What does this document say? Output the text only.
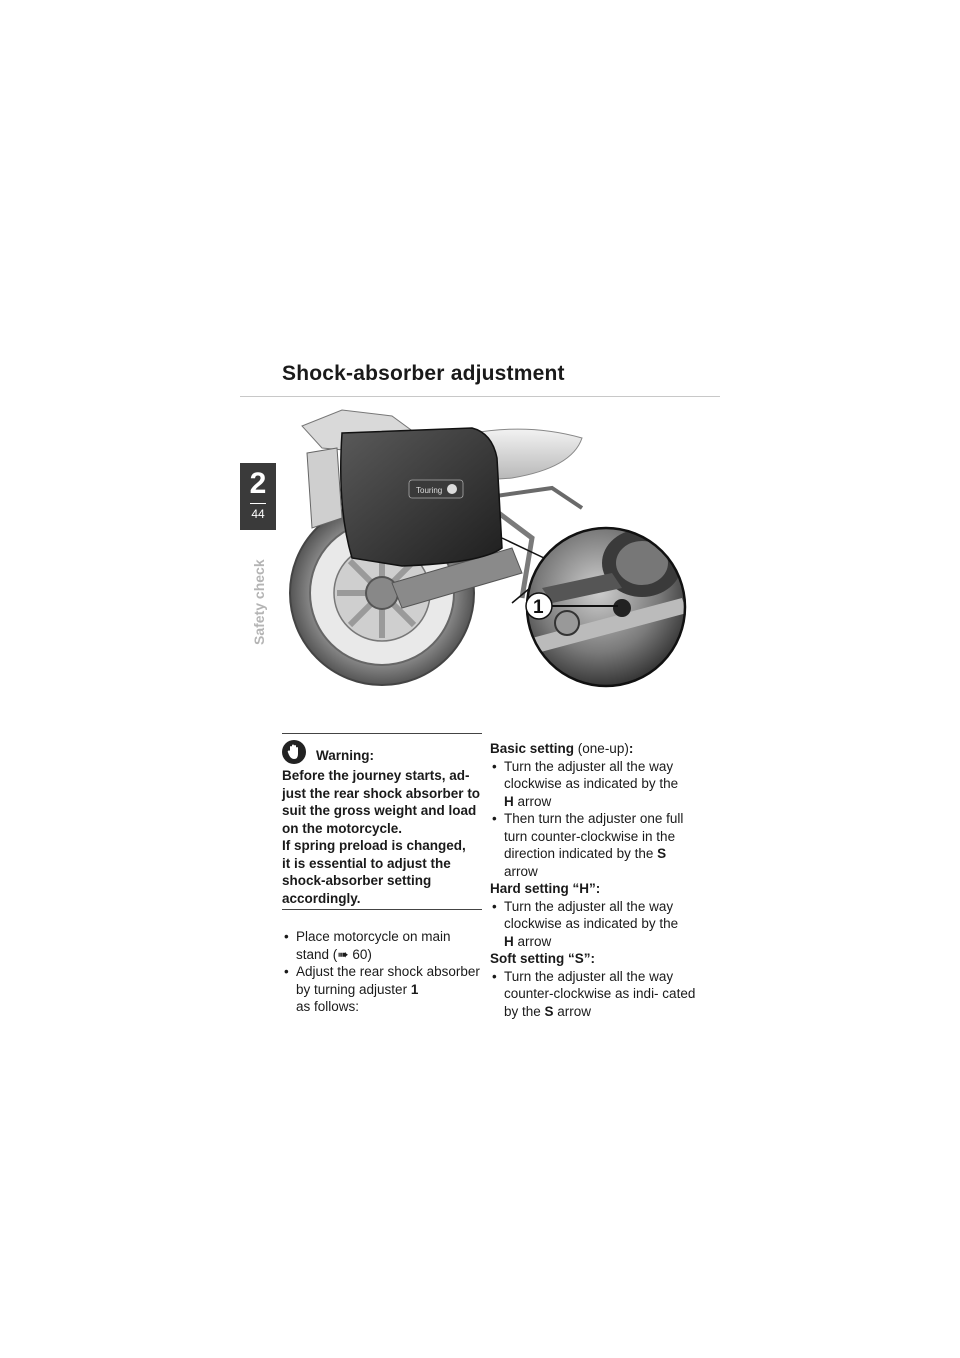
Shock-absorber adjustment
2
44
Safety check
Touring
1
Warning:
Before the journey starts, ad-
just the rear shock absorber to
suit the gross weight and load
on the motorcycle.
If spring preload is changed,
it is essential to adjust the
shock-absorber setting
accordingly.
• Place motorcycle on main stand (➠ 60)
• Adjust the rear shock absorber by turning adjuster 1
as follows:

Basic setting (one-up):

• Turn the adjuster all the way clockwise as indicated by the
H arrow
• Then turn the adjuster one full turn counter-clockwise in the direction indicated by the S arrow

Hard setting “H”:

• Turn the adjuster all the way clockwise as indicated by the
H arrow

Soft setting “S”:

• Turn the adjuster all the way counter-clockwise as indi- cated by the S arrow
